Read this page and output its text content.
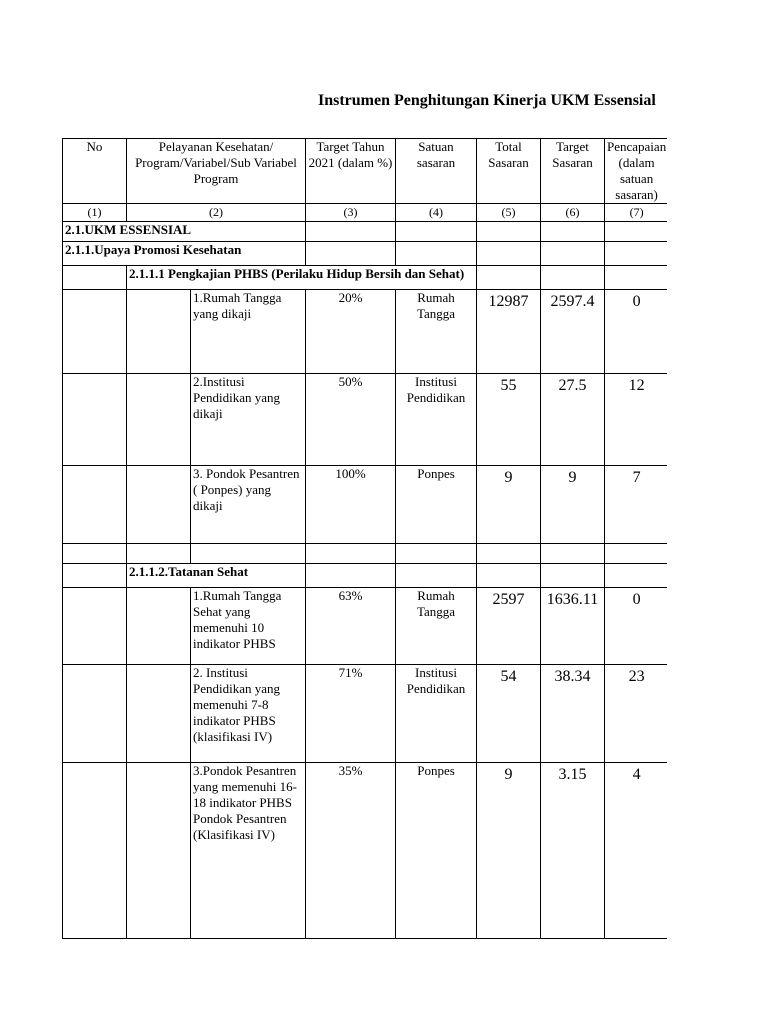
Instrumen Penghitungan Kinerja UKM Essensial
No	Pelayanan Kesehatan/ Program/Variabel/Sub Variabel Program		Target Tahun 2021 (dalam %)	Satuan sasaran	Total Sasaran	Target Sasaran	Pencapaian (dalam satuan sasaran)
(1)	(2)		(3)	(4)	(5)	(6)	(7)
2.1.UKM ESSENSIAL							
2.1.1.Upaya Promosi Kesehatan							
	2.1.1.1 Pengkajian PHBS (Perilaku Hidup Bersih dan Sehat)						
		1.Rumah Tangga yang dikaji	20%	Rumah Tangga	12987	2597.4	0
		2.Institusi Pendidikan yang dikaji	50%	Institusi Pendidikan	55	27.5	12
		3. Pondok Pesantren ( Ponpes) yang dikaji	100%	Ponpes	9	9	7

	2.1.1.2.Tatanan Sehat						
		1.Rumah Tangga Sehat yang memenuhi 10 indikator PHBS	63%	Rumah Tangga	2597	1636.11	0
		2. Institusi Pendidikan yang memenuhi 7-8 indikator PHBS (klasifikasi IV)	71%	Institusi Pendidikan	54	38.34	23
		3.Pondok Pesantren yang memenuhi 16-18 indikator PHBS Pondok Pesantren (Klasifikasi IV)	35%	Ponpes	9	3.15	4
